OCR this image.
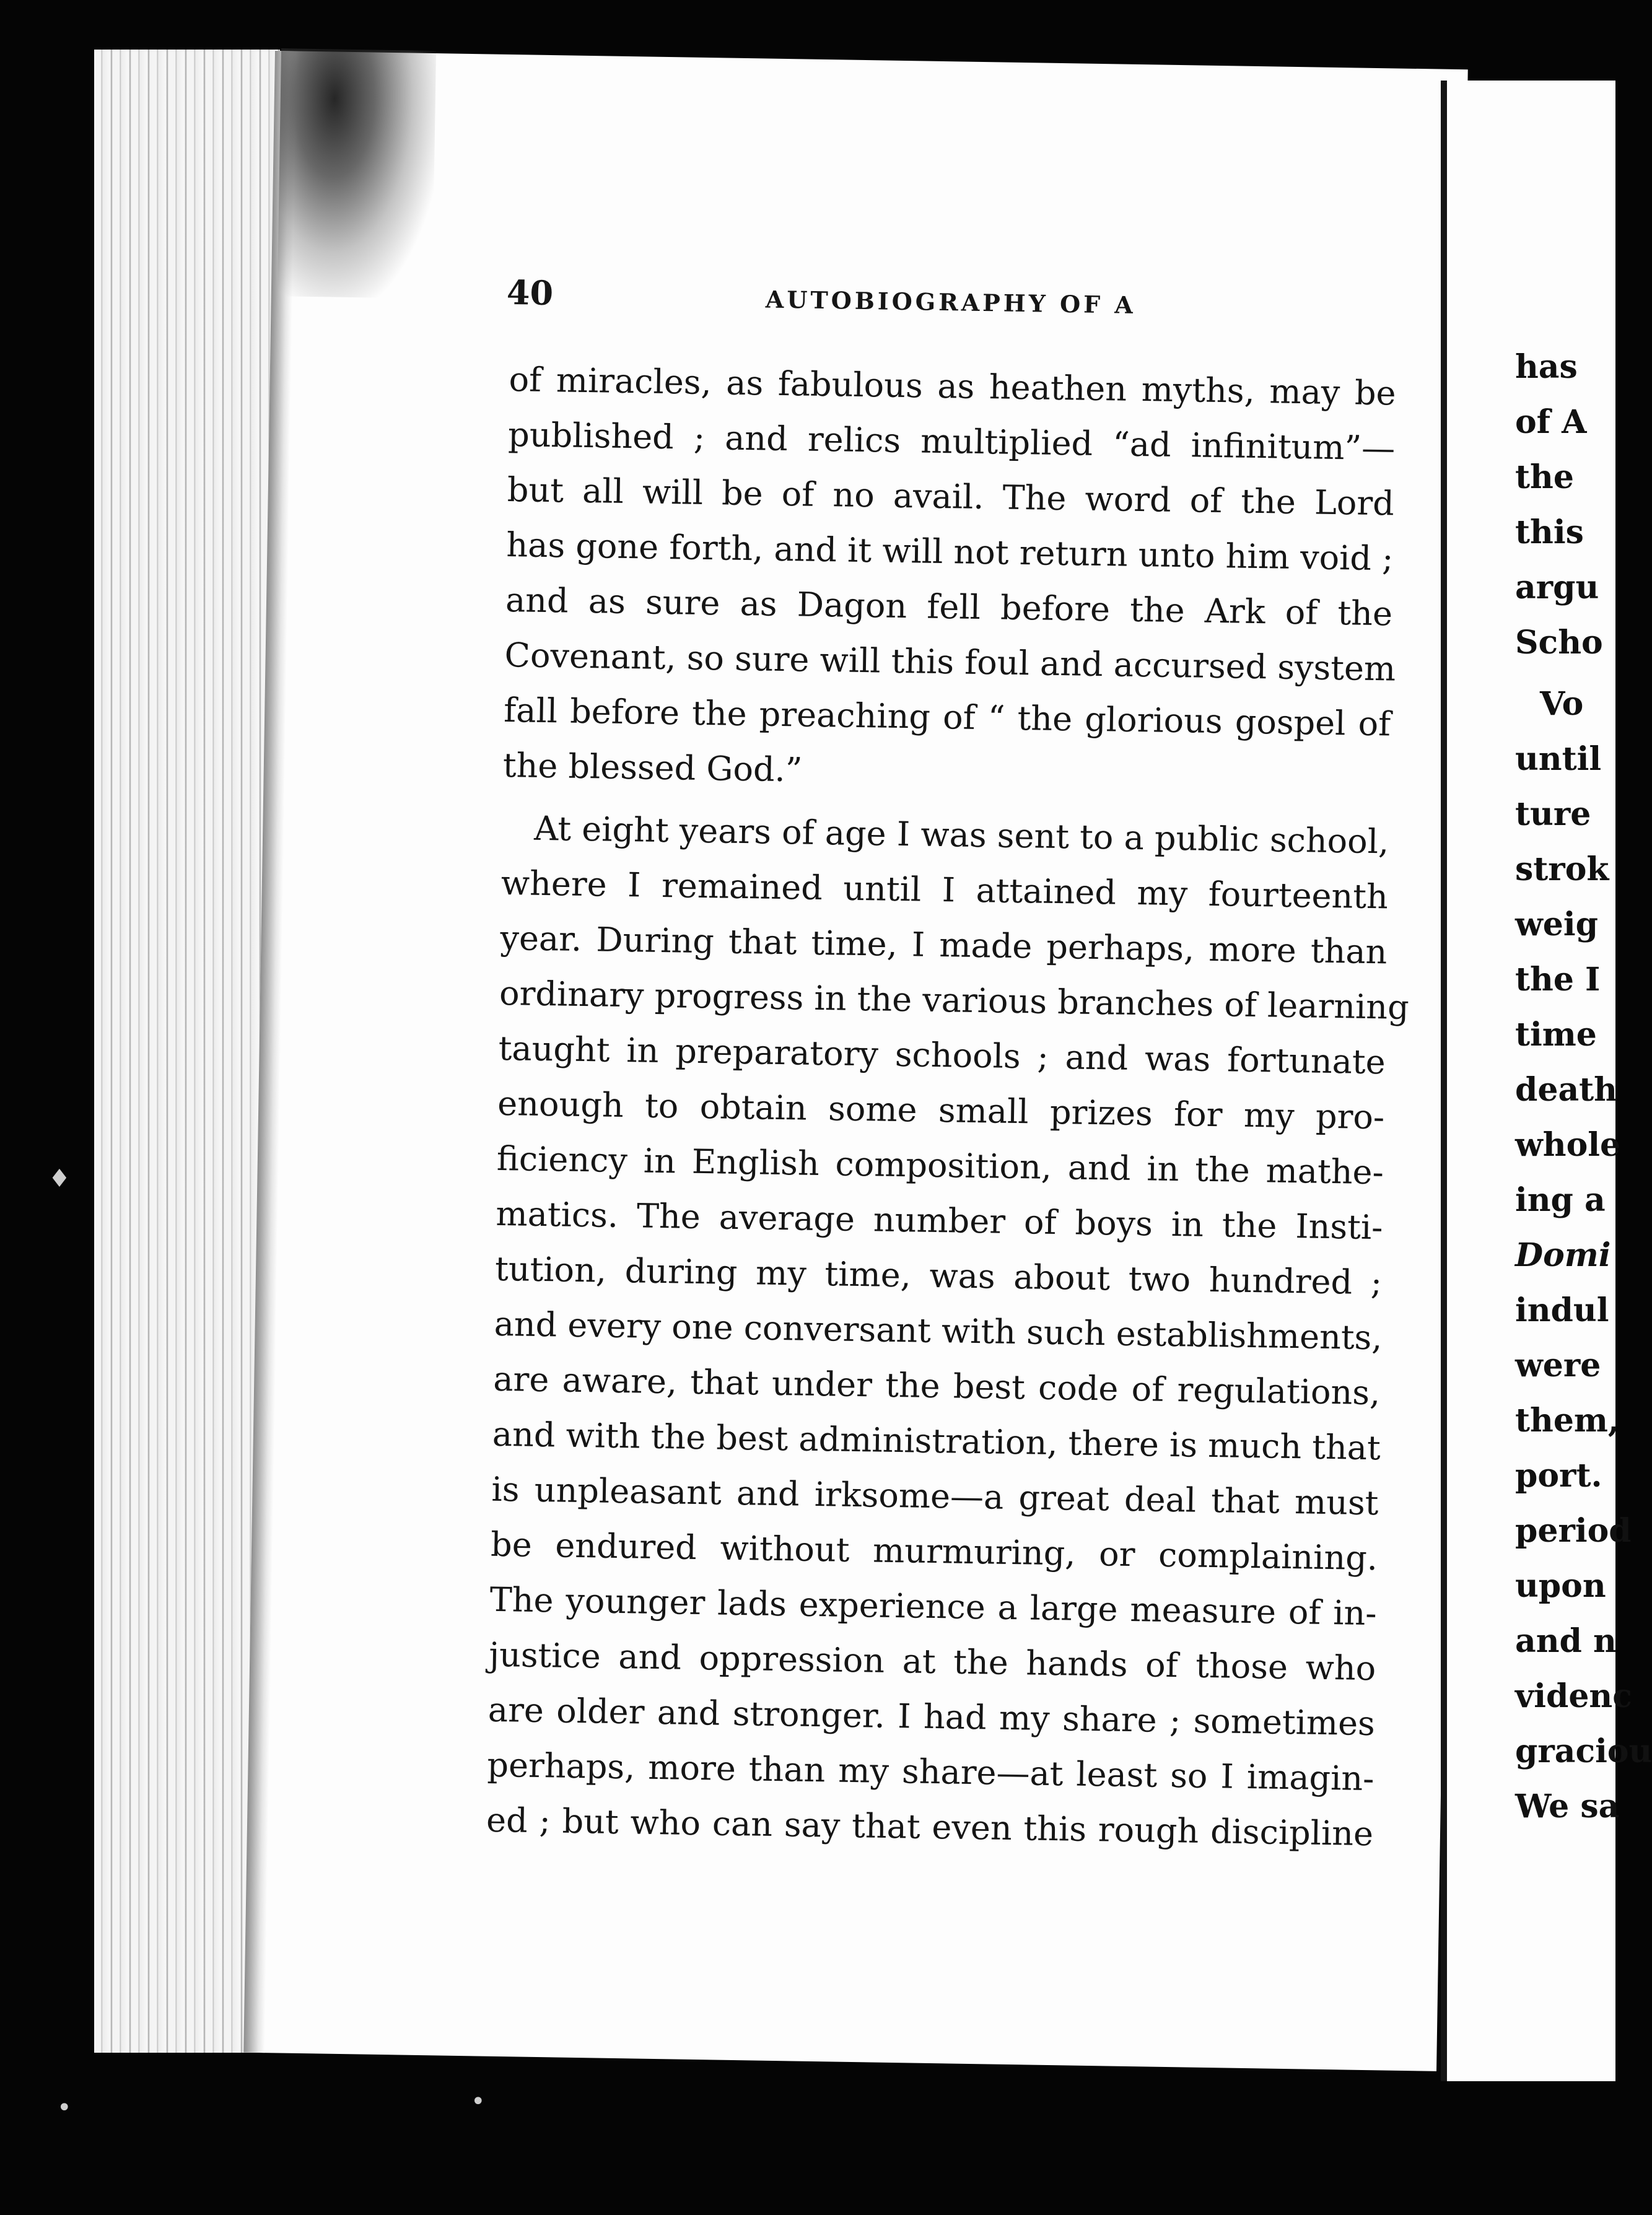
40	AUTOBIOGRAPHY OF A
of miracles, as fabulous as heathen myths, may be
published ; and relics multiplied “ad infinitum”—
but all will be of no avail. The word of the Lord
has gone forth, and it will not return unto him void ;
and as sure as Dagon fell before the Ark of the
Covenant, so sure will this foul and accursed system
fall before the preaching of “ the glorious gospel of
the blessed God.”
At eight years of age I was sent to a public school,
where I remained until I attained my fourteenth
year. During that time, I made perhaps, more than
ordinary progress in the various branches of learning
taught in preparatory schools ; and was fortunate
enough to obtain some small prizes for my pro-
ficiency in English composition, and in the mathe-
matics. The average number of boys in the Insti-
tution, during my time, was about two hundred ;
and every one conversant with such establishments,
are aware, that under the best code of regulations,
and with the best administration, there is much that
is unpleasant and irksome—a great deal that must
be endured without murmuring, or complaining.
The younger lads experience a large measure of in-
justice and oppression at the hands of those who
are older and stronger. I had my share ; sometimes
perhaps, more than my share—at least so I imagin-
ed ; but who can say that even this rough discipline
has
of A
the
this
argu
Scho
Vo
until
ture
strok
weig
the I
time
death
whole
ing a
Domi
indul
were
them,
port.
period
upon
and n
videnc
graciou
We sa
♦
•	•
